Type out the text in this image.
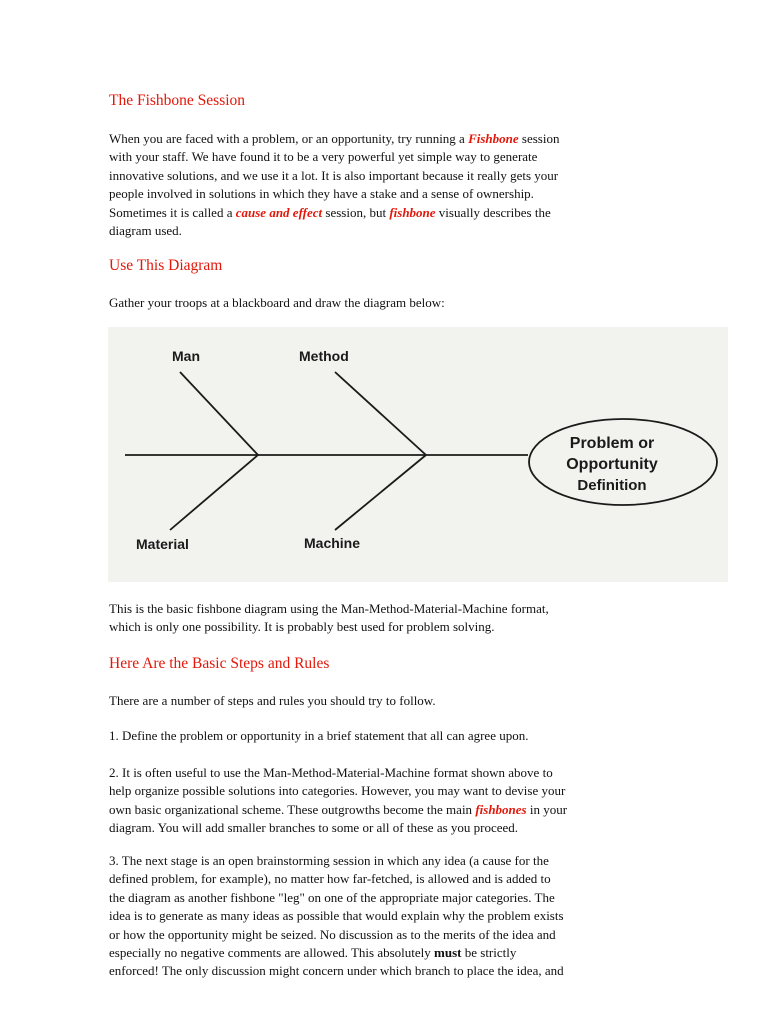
The Fishbone Session

When you are faced with a problem, or an opportunity, try running a Fishbone session
with your staff. We have found it to be a very powerful yet simple way to generate
innovative solutions, and we use it a lot. It is also important because it really gets your
people involved in solutions in which they have a stake and a sense of ownership.
Sometimes it is called a cause and effect session, but fishbone visually describes the
diagram used.

Use This Diagram

Gather your troops at a blackboard and draw the diagram below:

Man	Method
Material	Machine
Problem or
Opportunity
Definition

This is the basic fishbone diagram using the Man-Method-Material-Machine format,
which is only one possibility. It is probably best used for problem solving.

Here Are the Basic Steps and Rules

There are a number of steps and rules you should try to follow.

1. Define the problem or opportunity in a brief statement that all can agree upon.

2. It is often useful to use the Man-Method-Material-Machine format shown above to
help organize possible solutions into categories. However, you may want to devise your
own basic organizational scheme. These outgrowths become the main fishbones in your
diagram. You will add smaller branches to some or all of these as you proceed.

3. The next stage is an open brainstorming session in which any idea (a cause for the
defined problem, for example), no matter how far-fetched, is allowed and is added to
the diagram as another fishbone "leg" on one of the appropriate major categories. The
idea is to generate as many ideas as possible that would explain why the problem exists
or how the opportunity might be seized. No discussion as to the merits of the idea and
especially no negative comments are allowed. This absolutely must be strictly
enforced! The only discussion might concern under which branch to place the idea, and
